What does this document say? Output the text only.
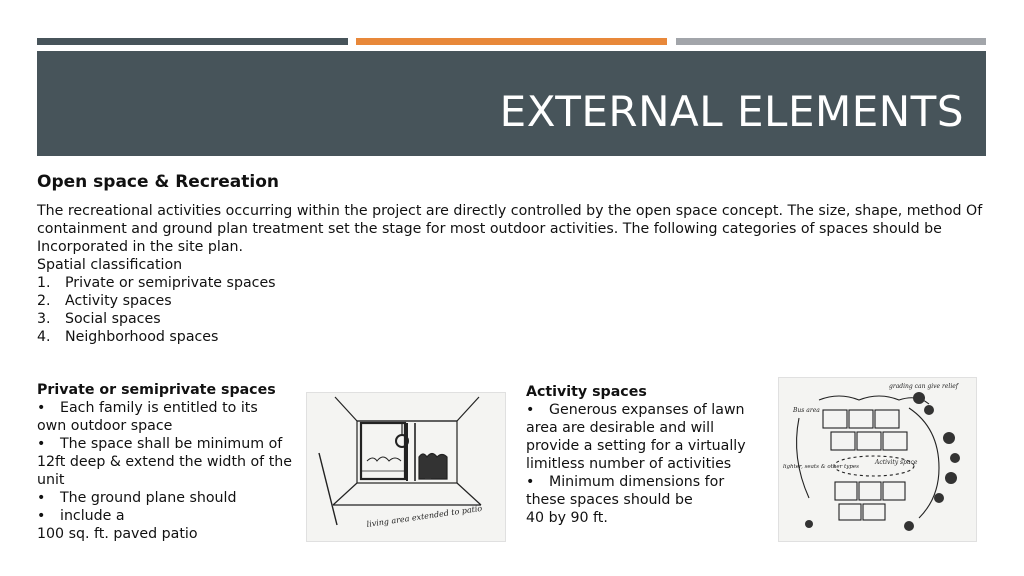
EXTERNAL ELEMENTS
Open space & Recreation

The recreational activities occurring within the project are directly controlled by the open space concept. The size, shape, method Of containment and ground plan treatment set the stage for most outdoor activities. The following categories of spaces should be Incorporated in the site plan.

Spatial classification

1.	Private or semiprivate spaces
2.	Activity spaces
3.	Social spaces
4.	Neighborhood spaces
Private or semiprivate spaces
•	Each family is entitled to its
own outdoor space
•	The space shall be minimum of
12ft deep & extend the width of the unit
•	The ground plane should
•	include a
100 sq. ft. paved patio
living area extended to patio
Activity spaces
•	Generous expanses of lawn
area are desirable and will
provide a setting for a virtually
limitless number of activities
•	Minimum dimensions for
these spaces should be
40 by 90 ft.
grading can give relief
Bus area
Activity space
lighter, seats & other types
